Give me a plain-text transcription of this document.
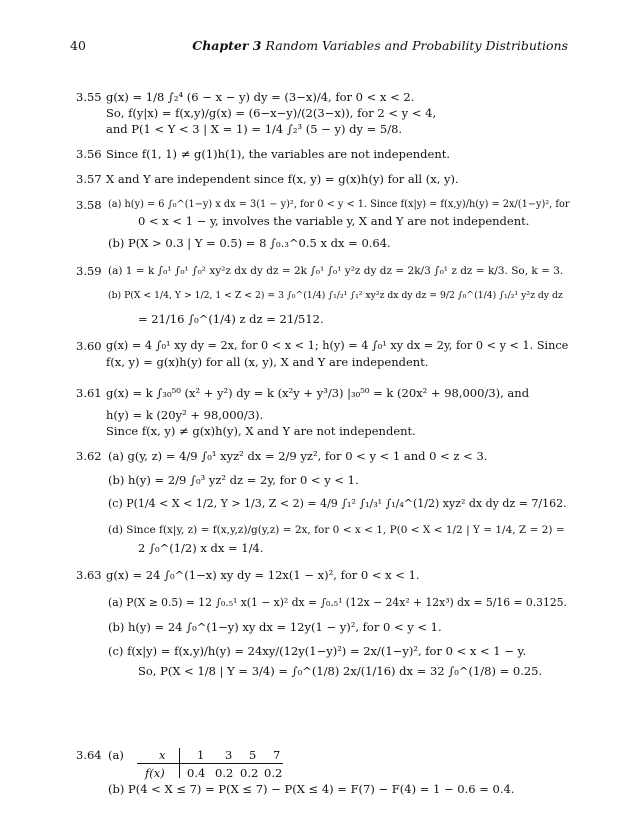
40	Chapter 3 Random Variables and Probability Distributions
3.55 g(x) = 1/8 ∫₂⁴ (6 − x − y) dy = (3−x)/4, for 0 < x < 2.
So, f(y|x) = f(x,y)/g(x) = (6−x−y)/(2(3−x)), for 2 < y < 4,
and P(1 < Y < 3 | X = 1) = 1/4 ∫₂³ (5 − y) dy = 5/8.
3.56 Since f(1, 1) ≠ g(1)h(1), the variables are not independent.
3.57 X and Y are independent since f(x, y) = g(x)h(y) for all (x, y).
3.58 (a) h(y) = 6 ∫₀^(1−y) x dx = 3(1 − y)², for 0 < y < 1. Since f(x|y) = f(x,y)/h(y) = 2x/(1−y)², for
0 < x < 1 − y, involves the variable y, X and Y are not independent.
(b) P(X > 0.3 | Y = 0.5) = 8 ∫₀.₃^0.5 x dx = 0.64.
3.59 (a) 1 = k ∫₀¹ ∫₀¹ ∫₀² xy²z dx dy dz = 2k ∫₀¹ ∫₀¹ y²z dy dz = 2k/3 ∫₀¹ z dz = k/3. So, k = 3.
(b) P(X < 1/4, Y > 1/2, 1 < Z < 2) = 3 ∫₀^(1/4) ∫₁/₂¹ ∫₁² xy²z dx dy dz = 9/2 ∫₀^(1/4) ∫₁/₂¹ y²z dy dz
= 21/16 ∫₀^(1/4) z dz = 21/512.
3.60 g(x) = 4 ∫₀¹ xy dy = 2x, for 0 < x < 1; h(y) = 4 ∫₀¹ xy dx = 2y, for 0 < y < 1. Since
f(x, y) = g(x)h(y) for all (x, y), X and Y are independent.
3.61 g(x) = k ∫₃₀⁵⁰ (x² + y²) dy = k (x²y + y³/3) |₃₀⁵⁰ = k (20x² + 98,000/3), and
h(y) = k (20y² + 98,000/3).
Since f(x, y) ≠ g(x)h(y), X and Y are not independent.
3.62 (a) g(y, z) = 4/9 ∫₀¹ xyz² dx = 2/9 yz², for 0 < y < 1 and 0 < z < 3.
(b) h(y) = 2/9 ∫₀³ yz² dz = 2y, for 0 < y < 1.
(c) P(1/4 < X < 1/2, Y > 1/3, Z < 2) = 4/9 ∫₁² ∫₁/₃¹ ∫₁/₄^(1/2) xyz² dx dy dz = 7/162.
(d) Since f(x|y, z) = f(x,y,z)/g(y,z) = 2x, for 0 < x < 1, P(0 < X < 1/2 | Y = 1/4, Z = 2) =
2 ∫₀^(1/2) x dx = 1/4.
3.63 g(x) = 24 ∫₀^(1−x) xy dy = 12x(1 − x)², for 0 < x < 1.
(a) P(X ≥ 0.5) = 12 ∫₀.₅¹ x(1 − x)² dx = ∫₀.₅¹ (12x − 24x² + 12x³) dx = 5/16 = 0.3125.
(b) h(y) = 24 ∫₀^(1−y) xy dx = 12y(1 − y)², for 0 < y < 1.
(c) f(x|y) = f(x,y)/h(y) = 24xy/(12y(1−y)²) = 2x/(1−y)², for 0 < x < 1 − y.
So, P(X < 1/8 | Y = 3/4) = ∫₀^(1/8) 2x/(1/16) dx = 32 ∫₀^(1/8) = 0.25.
3.64 (a)
(b) P(4 < X ≤ 7) = P(X ≤ 7) − P(X ≤ 4) = F(7) − F(4) = 1 − 0.6 = 0.4.
x
f(x)
1 3 5 7
0.4 0.2 0.2 0.2
